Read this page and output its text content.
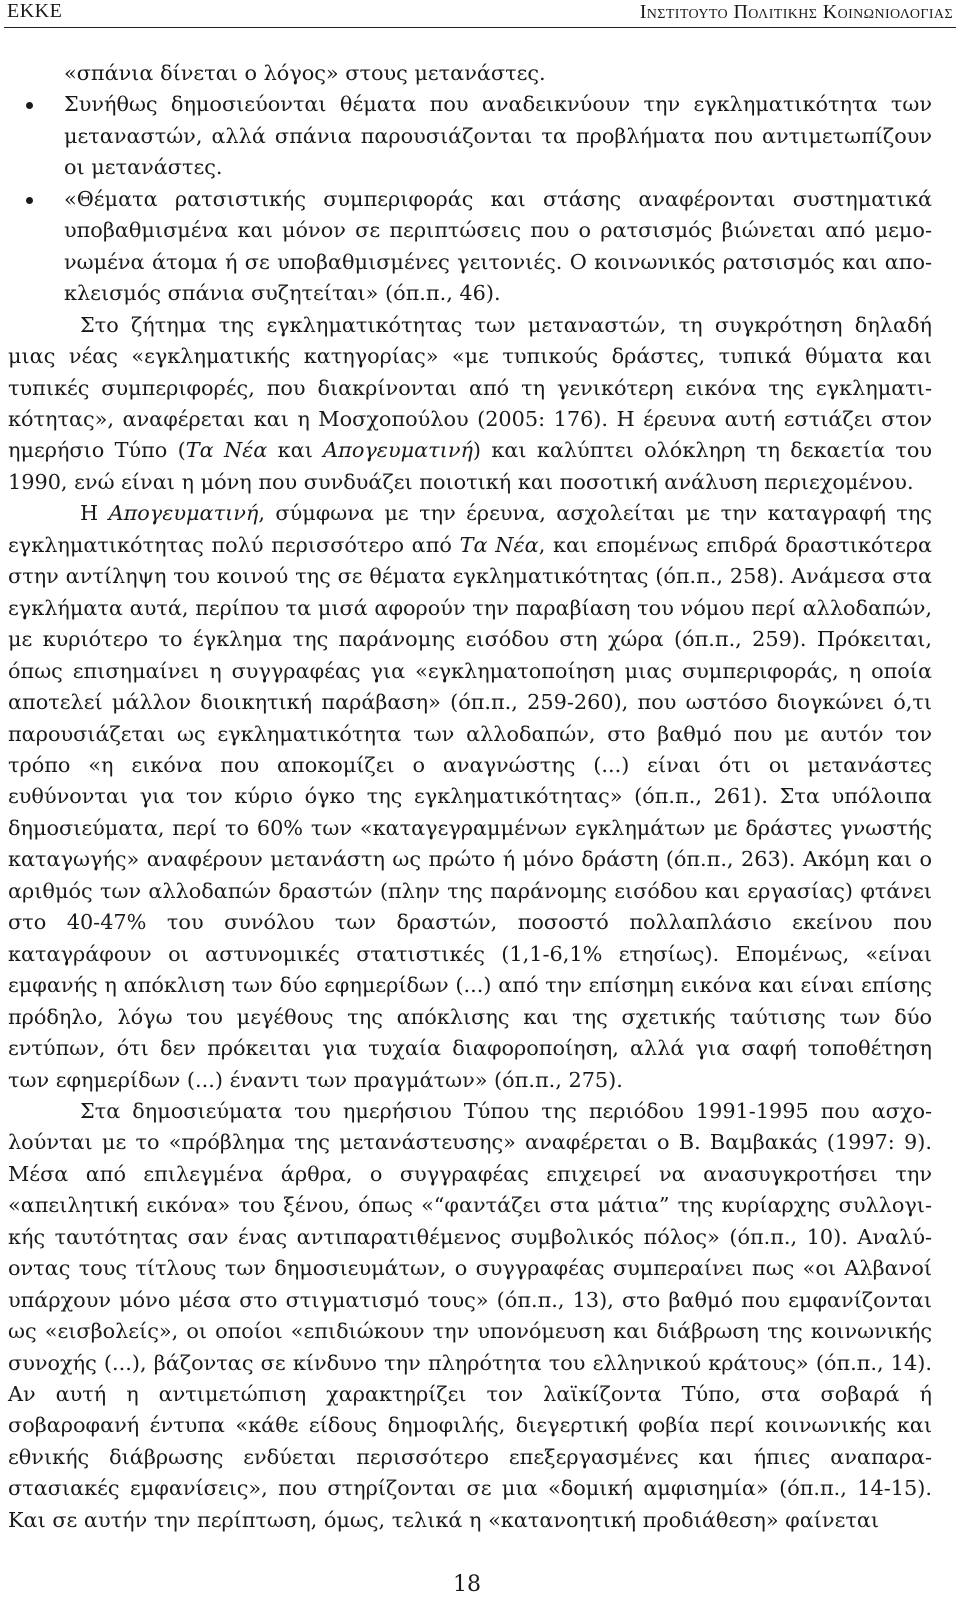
ΕΚΚΕ	Ινστιτουτο Πολιτικης Κοινωνιολογιας

«σπάνια δίνεται ο λόγος» στους μετανάστες.

Συνήθως δημοσιεύονται θέματα που αναδεικνύουν την εγκληματικότητα των μεταναστών, αλλά σπάνια παρουσιάζονται τα προβλήματα που αντιμετωπίζουν οι μετανάστες.

«Θέματα ρατσιστικής συμπεριφοράς και στάσης αναφέρονται συστηματικά υποβαθμισμένα και μόνον σε περιπτώσεις που ο ρατσισμός βιώνεται από μεμονωμένα άτομα ή σε υποβαθμισμένες γειτονιές. Ο κοινωνικός ρατσισμός και αποκλεισμός σπάνια συζητείται» (όπ.π., 46).

Στο ζήτημα της εγκληματικότητας των μεταναστών, τη συγκρότηση δηλαδή μιας νέας «εγκληματικής κατηγορίας» «με τυπικούς δράστες, τυπικά θύματα και τυπικές συμπεριφορές, που διακρίνονται από τη γενικότερη εικόνα της εγκληματικότητας», αναφέρεται και η Μοσχοπούλου (2005: 176). Η έρευνα αυτή εστιάζει στον ημερήσιο Τύπο (Τα Νέα και Απογευματινή) και καλύπτει ολόκληρη τη δεκαετία του 1990, ενώ είναι η μόνη που συνδυάζει ποιοτική και ποσοτική ανάλυση περιεχομένου.

Η Απογευματινή, σύμφωνα με την έρευνα, ασχολείται με την καταγραφή της εγκληματικότητας πολύ περισσότερο από Τα Νέα, και επομένως επιδρά δραστικότερα στην αντίληψη του κοινού της σε θέματα εγκληματικότητας (όπ.π., 258). Ανάμεσα στα εγκλήματα αυτά, περίπου τα μισά αφορούν την παραβίαση του νόμου περί αλλοδαπών, με κυριότερο το έγκλημα της παράνομης εισόδου στη χώρα (όπ.π., 259). Πρόκειται, όπως επισημαίνει η συγγραφέας για «εγκληματοποίηση μιας συμπεριφοράς, η οποία αποτελεί μάλλον διοικητική παράβαση» (όπ.π., 259-260), που ωστόσο διογκώνει ό,τι παρουσιάζεται ως εγκληματικότητα των αλλοδαπών, στο βαθμό που με αυτόν τον τρόπο «η εικόνα που αποκομίζει ο αναγνώστης (...) είναι ότι οι μετανάστες ευθύνονται για τον κύριο όγκο της εγκληματικότητας» (όπ.π., 261). Στα υπόλοιπα δημοσιεύματα, περί το 60% των «καταγεγραμμένων εγκλημάτων με δράστες γνωστής καταγωγής» αναφέρουν μετανάστη ως πρώτο ή μόνο δράστη (όπ.π., 263). Ακόμη και ο αριθμός των αλλοδαπών δραστών (πλην της παράνομης εισόδου και εργασίας) φτάνει στο 40-47% του συνόλου των δραστών, ποσοστό πολλαπλάσιο εκείνου που καταγράφουν οι αστυνομικές στατιστικές (1,1-6,1% ετησίως). Επομένως, «είναι εμφανής η απόκλιση των δύο εφημερίδων (...) από την επίσημη εικόνα και είναι επίσης πρόδηλο, λόγω του μεγέθους της απόκλισης και της σχετικής ταύτισης των δύο εντύπων, ότι δεν πρόκειται για τυχαία διαφοροποίηση, αλλά για σαφή τοποθέτηση των εφημερίδων (...) έναντι των πραγμάτων» (όπ.π., 275).

Στα δημοσιεύματα του ημερήσιου Τύπου της περιόδου 1991-1995 που ασχολούνται με το «πρόβλημα της μετανάστευσης» αναφέρεται ο Β. Βαμβακάς (1997: 9). Μέσα από επιλεγμένα άρθρα, ο συγγραφέας επιχειρεί να ανασυγκροτήσει την «απειλητική εικόνα» του ξένου, όπως «“φαντάζει στα μάτια” της κυρίαρχης συλλογικής ταυτότητας σαν ένας αντιπαρατιθέμενος συμβολικός πόλος» (όπ.π., 10). Αναλύοντας τους τίτλους των δημοσιευμάτων, ο συγγραφέας συμπεραίνει πως «οι Αλβανοί υπάρχουν μόνο μέσα στο στιγματισμό τους» (όπ.π., 13), στο βαθμό που εμφανίζονται ως «εισβολείς», οι οποίοι «επιδιώκουν την υπονόμευση και διάβρωση της κοινωνικής συνοχής (...), βάζοντας σε κίνδυνο την πληρότητα του ελληνικού κράτους» (όπ.π., 14). Αν αυτή η αντιμετώπιση χαρακτηρίζει τον λαϊκίζοντα Τύπο, στα σοβαρά ή σοβαροφανή έντυπα «κάθε είδους δημοφιλής, διεγερτική φοβία περί κοινωνικής και εθνικής διάβρωσης ενδύεται περισσότερο επεξεργασμένες και ήπιες αναπαραστασιακές εμφανίσεις», που στηρίζονται σε μια «δομική αμφισημία» (όπ.π., 14-15). Και σε αυτήν την περίπτωση, όμως, τελικά η «κατανοητική προδιάθεση» φαίνεται

18
